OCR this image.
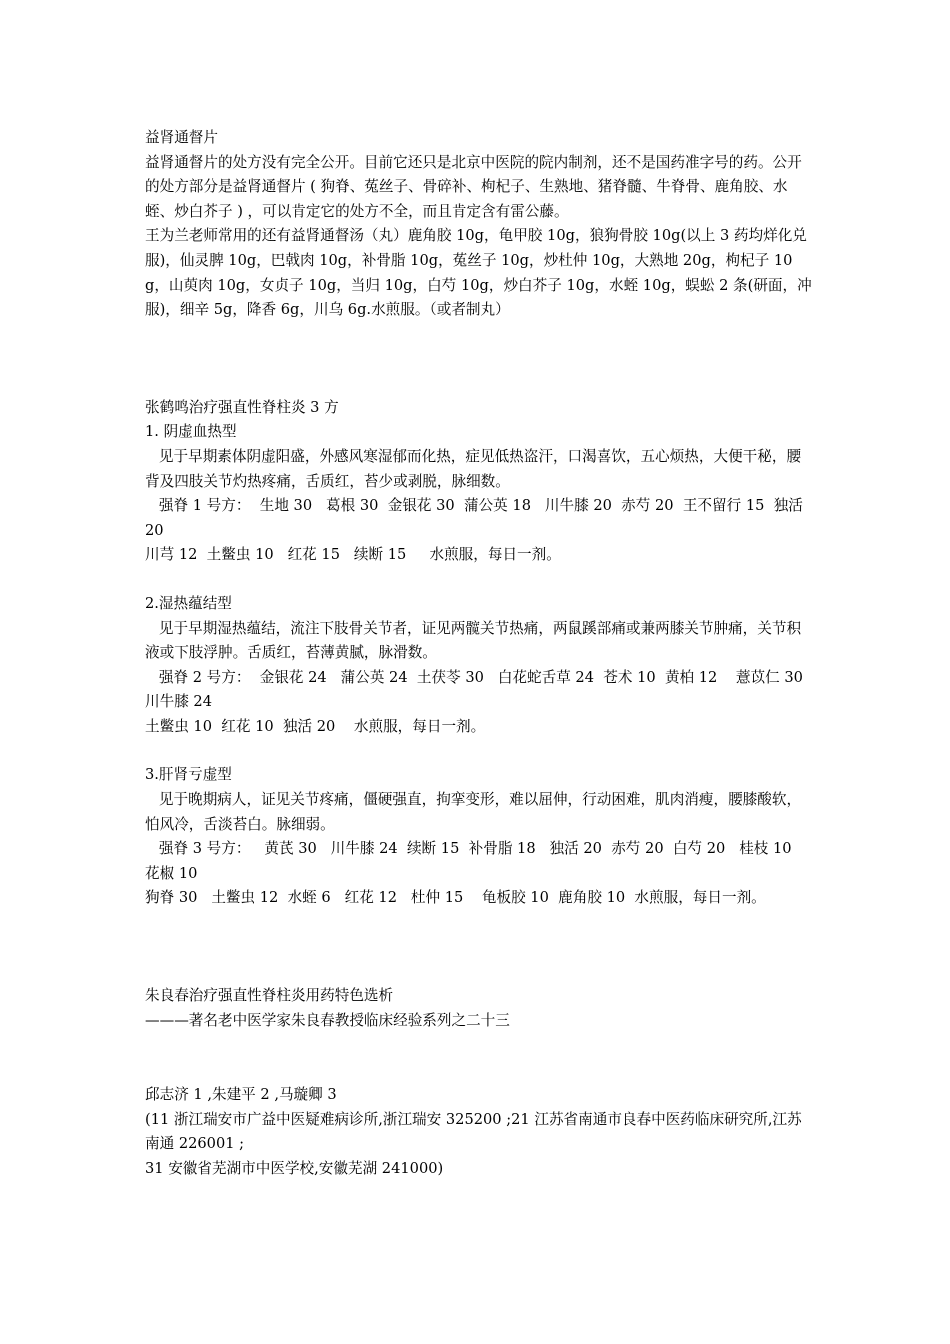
益肾通督片

益肾通督片的处方没有完全公开。目前它还只是北京中医院的院内制剂，还不是国药准字号的药。公开的处方部分是益肾通督片 ( 狗脊、菟丝子、骨碎补、枸杞子、生熟地、猪脊髓、牛脊骨、鹿角胶、水蛭、炒白芥子 ) ，可以肯定它的处方不全，而且肯定含有雷公藤。

王为兰老师常用的还有益肾通督汤（丸）鹿角胶 10g，龟甲胶 10g，狼狗骨胶 10g(以上 3 药均烊化兑服)，仙灵脾 10g，巴戟肉 10g，补骨脂 10g，菟丝子 10g，炒杜仲 10g，大熟地 20g，枸杞子 10g，山萸肉 10g，女贞子 10g，当归 10g，白芍 10g，炒白芥子 10g，水蛭 10g，蜈蚣 2 条(研面，冲服)，细辛 5g，降香 6g，川乌 6g.水煎服。（或者制丸）

张鹤鸣治疗强直性脊柱炎 3 方

1. 阴虚血热型

见于早期素体阴虚阳盛，外感风寒湿郁而化热，症见低热盗汗，口渴喜饮，五心烦热，大便干秘，腰背及四肢关节灼热疼痛，舌质红，苔少或剥脱，脉细数。

强脊 1 号方：  生地 30   葛根 30  金银花 30  蒲公英 18   川牛膝 20  赤芍 20  王不留行 15  独活 20

川芎 12  土鳖虫 10   红花 15   续断 15     水煎服，每日一剂。

2.湿热蕴结型

见于早期湿热蕴结，流注下肢骨关节者，证见两髋关节热痛，两鼠蹊部痛或兼两膝关节肿痛，关节积液或下肢浮肿。舌质红，苔薄黄腻，脉滑数。

强脊 2 号方：  金银花 24   蒲公英 24  土茯苓 30   白花蛇舌草 24  苍术 10  黄柏 12    薏苡仁 30  川牛膝 24

土鳖虫 10  红花 10  独活 20    水煎服，每日一剂。

3.肝肾亏虚型

见于晚期病人，证见关节疼痛，僵硬强直，拘挛变形，难以屈伸，行动困难，肌肉消瘦，腰膝酸软，怕风冷，舌淡苔白。脉细弱。

强脊 3 号方：   黄芪 30   川牛膝 24  续断 15  补骨脂 18   独活 20  赤芍 20  白芍 20   桂枝 10  花椒 10

狗脊 30   土鳖虫 12  水蛭 6   红花 12   杜仲 15    龟板胶 10  鹿角胶 10  水煎服，每日一剂。

朱良春治疗强直性脊柱炎用药特色选析

———著名老中医学家朱良春教授临床经验系列之二十三

邱志济 1 ,朱建平 2 ,马璇卿 3

(11 浙江瑞安市广益中医疑难病诊所,浙江瑞安 325200 ;21 江苏省南通市良春中医药临床研究所,江苏南通 226001 ;

31 安徽省芜湖市中医学校,安徽芜湖 241000)
